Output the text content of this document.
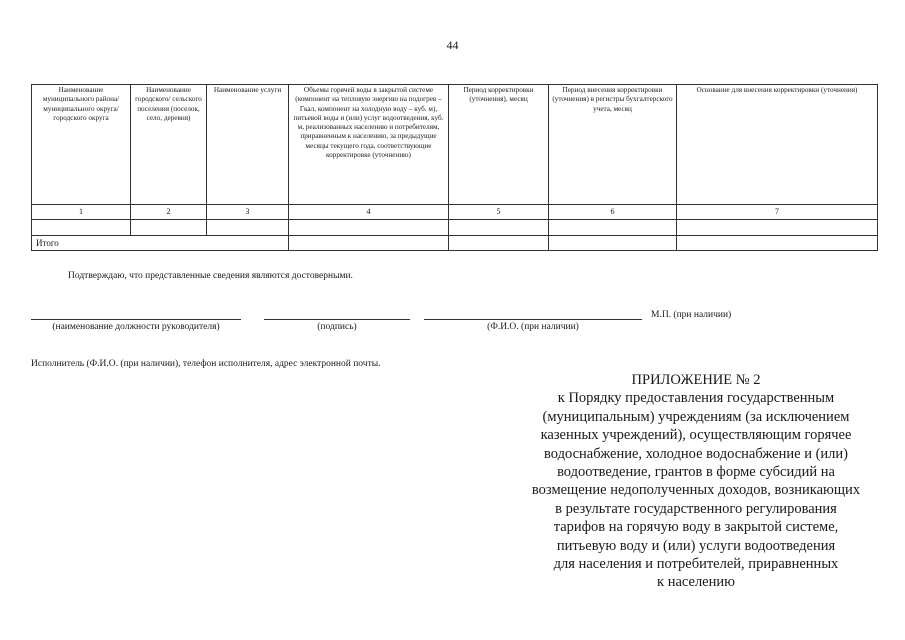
44
Наименование муниципального района/ муниципального округа/ городского округа	Наименование городского/ сельского поселения (поселок, село, деревня)	Наименование услуги	Объемы горячей воды в закрытой системе (компонент на тепловую энергию на подогрев – Гкал, компонент на холодную воду – куб. м), питьевой воды и (или) услуг водоотведения, куб. м, реализованных населению и потребителям, приравненным к населению, за предыдущие месяцы текущего года, соответствующие корректировке (уточнению)	Период корректировки (уточнения), месяц	Период внесения корректировки (уточнения) в регистры бухгалтерского учета, месяц	Основание для внесения корректировки (уточнения)

1	2	3	4	5	6	7

Итого						
Подтверждаю, что представленные сведения являются достоверными.
(наименование должности руководителя)	(подпись)	(Ф.И.О. (при наличии)
М.П. (при наличии)
Исполнитель (Ф.И.О. (при наличии), телефон исполнителя, адрес электронной почты.
ПРИЛОЖЕНИЕ № 2
к Порядку предоставления государственным
(муниципальным) учреждениям (за исключением
казенных учреждений), осуществляющим горячее
водоснабжение, холодное водоснабжение и (или)
водоотведение, грантов в форме субсидий на
возмещение недополученных доходов, возникающих
в результате государственного регулирования
тарифов на горячую воду в закрытой системе,
питьевую воду и (или) услуги водоотведения
для населения и потребителей, приравненных
к населению
